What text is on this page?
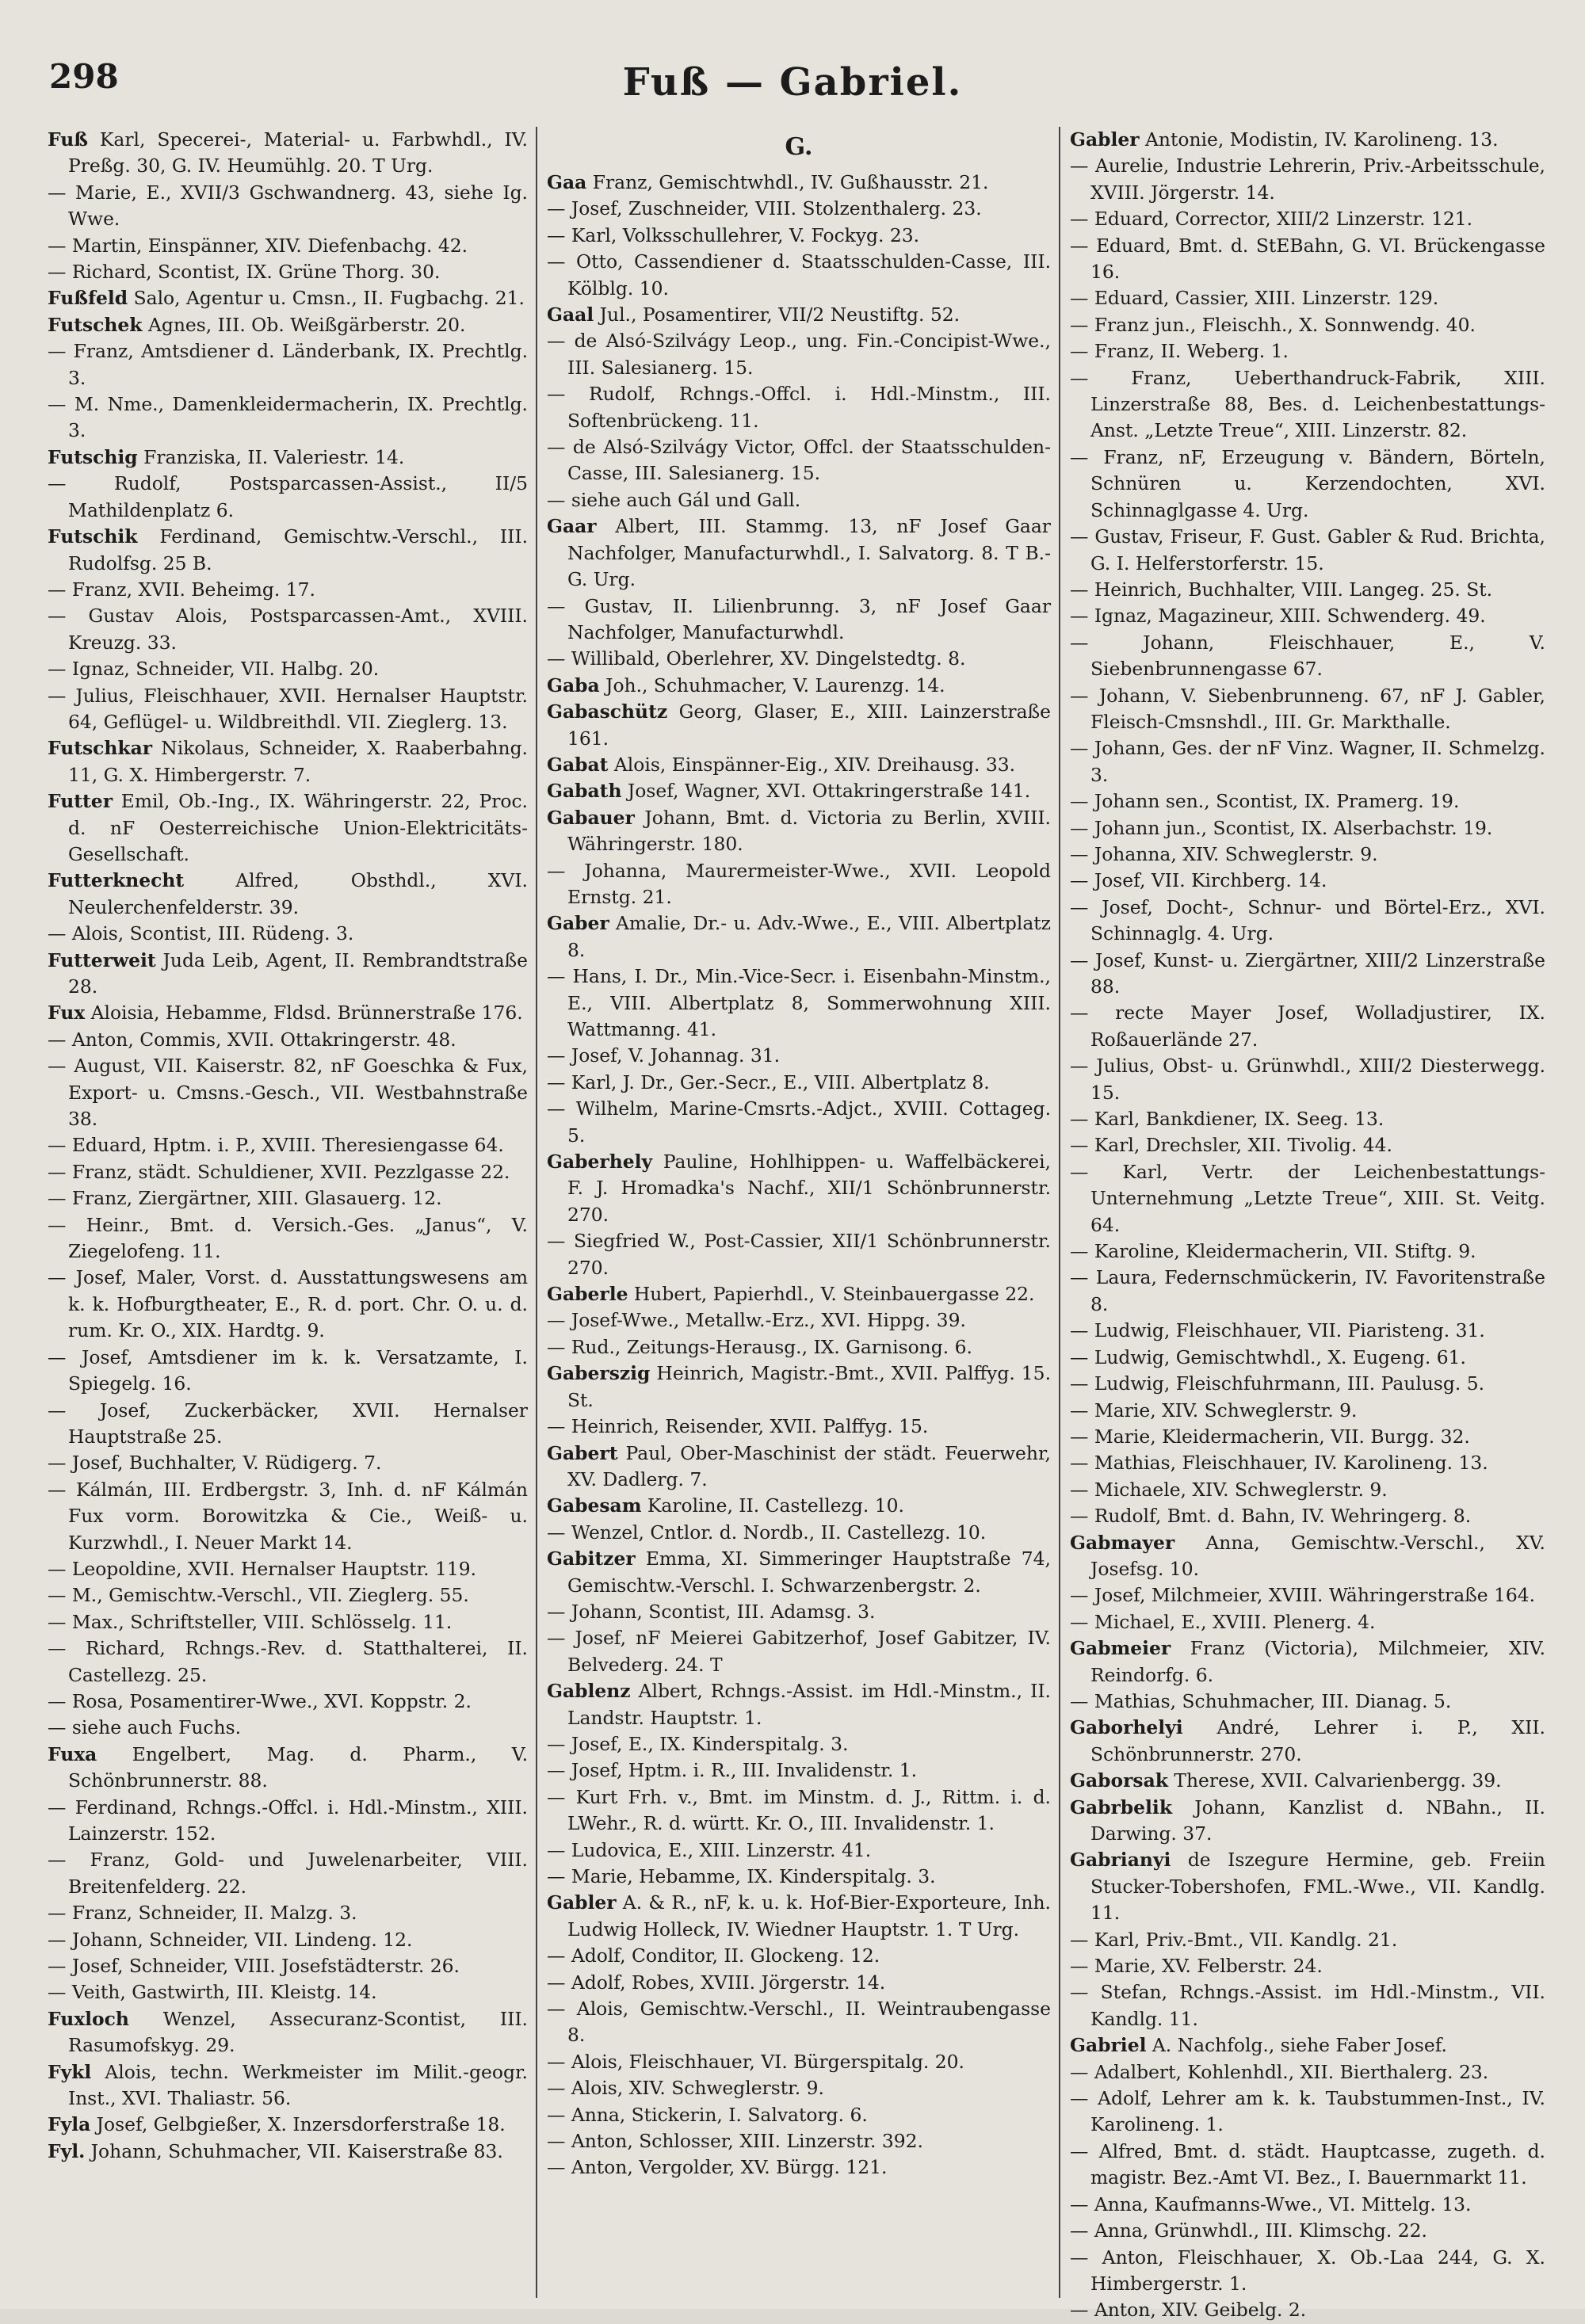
298	Fuß — Gabriel.

Fuß Karl, Specerei-, Material- u. Farbwhdl., IV. Preßg. 30, G. IV. Heumühlg. 20. T Urg.

— Marie, E., XVII/3 Gschwandnerg. 43, siehe Ig. Wwe.

— Martin, Einspänner, XIV. Diefenbachg. 42.

— Richard, Scontist, IX. Grüne Thorg. 30.

Fußfeld Salo, Agentur u. Cmsn., II. Fugbachg. 21.

Futschek Agnes, III. Ob. Weißgärberstr. 20.

— Franz, Amtsdiener d. Länderbank, IX. Prechtlg. 3.

— M. Nme., Damenkleidermacherin, IX. Prechtlg. 3.

Futschig Franziska, II. Valeriestr. 14.

— Rudolf, Postsparcassen-Assist., II/5 Mathildenplatz 6.

Futschik Ferdinand, Gemischtw.-Verschl., III. Rudolfsg. 25 B.

— Franz, XVII. Beheimg. 17.

— Gustav Alois, Postsparcassen-Amt., XVIII. Kreuzg. 33.

— Ignaz, Schneider, VII. Halbg. 20.

— Julius, Fleischhauer, XVII. Hernalser Hauptstr. 64, Geflügel- u. Wildbreithdl. VII. Zieglerg. 13.

Futschkar Nikolaus, Schneider, X. Raaberbahng. 11, G. X. Himbergerstr. 7.

Futter Emil, Ob.-Ing., IX. Währingerstr. 22, Proc. d. nF Oesterreichische Union-Elektricitäts-Gesellschaft.

Futterknecht Alfred, Obsthdl., XVI. Neulerchenfelderstr. 39.

— Alois, Scontist, III. Rüdeng. 3.

Futterweit Juda Leib, Agent, II. Rembrandtstraße 28.

Fux Aloisia, Hebamme, Fldsd. Brünnerstraße 176.

— Anton, Commis, XVII. Ottakringerstr. 48.

— August, VII. Kaiserstr. 82, nF Goeschka & Fux, Export- u. Cmsns.-Gesch., VII. Westbahnstraße 38.

— Eduard, Hptm. i. P., XVIII. Theresiengasse 64.

— Franz, städt. Schuldiener, XVII. Pezzlgasse 22.

— Franz, Ziergärtner, XIII. Glasauerg. 12.

— Heinr., Bmt. d. Versich.-Ges. „Janus“, V. Ziegelofeng. 11.

— Josef, Maler, Vorst. d. Ausstattungswesens am k. k. Hofburgtheater, E., R. d. port. Chr. O. u. d. rum. Kr. O., XIX. Hardtg. 9.

— Josef, Amtsdiener im k. k. Versatzamte, I. Spiegelg. 16.

— Josef, Zuckerbäcker, XVII. Hernalser Hauptstraße 25.

— Josef, Buchhalter, V. Rüdigerg. 7.

— Kálmán, III. Erdbergstr. 3, Inh. d. nF Kálmán Fux vorm. Borowitzka & Cie., Weiß- u. Kurzwhdl., I. Neuer Markt 14.

— Leopoldine, XVII. Hernalser Hauptstr. 119.

— M., Gemischtw.-Verschl., VII. Zieglerg. 55.

— Max., Schriftsteller, VIII. Schlösselg. 11.

— Richard, Rchngs.-Rev. d. Statthalterei, II. Castellezg. 25.

— Rosa, Posamentirer-Wwe., XVI. Koppstr. 2.

— siehe auch Fuchs.

Fuxa Engelbert, Mag. d. Pharm., V. Schönbrunnerstr. 88.

— Ferdinand, Rchngs.-Offcl. i. Hdl.-Minstm., XIII. Lainzerstr. 152.

— Franz, Gold- und Juwelenarbeiter, VIII. Breitenfelderg. 22.

— Franz, Schneider, II. Malzg. 3.

— Johann, Schneider, VII. Lindeng. 12.

— Josef, Schneider, VIII. Josefstädterstr. 26.

— Veith, Gastwirth, III. Kleistg. 14.

Fuxloch Wenzel, Assecuranz-Scontist, III. Rasumofskyg. 29.

Fykl Alois, techn. Werkmeister im Milit.-geogr. Inst., XVI. Thaliastr. 56.

Fyla Josef, Gelbgießer, X. Inzersdorferstraße 18.

Fyl. Johann, Schuhmacher, VII. Kaiserstraße 83.

G.

Gaa Franz, Gemischtwhdl., IV. Gußhausstr. 21.

— Josef, Zuschneider, VIII. Stolzenthalerg. 23.

— Karl, Volksschullehrer, V. Fockyg. 23.

— Otto, Cassendiener d. Staatsschulden-Casse, III. Kölblg. 10.

Gaal Jul., Posamentirer, VII/2 Neustiftg. 52.

— de Alsó-Szilvágy Leop., ung. Fin.-Concipist-Wwe., III. Salesianerg. 15.

— Rudolf, Rchngs.-Offcl. i. Hdl.-Minstm., III. Softenbrückeng. 11.

— de Alsó-Szilvágy Victor, Offcl. der Staatsschulden-Casse, III. Salesianerg. 15.

— siehe auch Gál und Gall.

Gaar Albert, III. Stammg. 13, nF Josef Gaar Nachfolger, Manufacturwhdl., I. Salvatorg. 8. T B.-G. Urg.

— Gustav, II. Lilienbrunng. 3, nF Josef Gaar Nachfolger, Manufacturwhdl.

— Willibald, Oberlehrer, XV. Dingelstedtg. 8.

Gaba Joh., Schuhmacher, V. Laurenzg. 14.

Gabaschütz Georg, Glaser, E., XIII. Lainzerstraße 161.

Gabat Alois, Einspänner-Eig., XIV. Dreihausg. 33.

Gabath Josef, Wagner, XVI. Ottakringerstraße 141.

Gabauer Johann, Bmt. d. Victoria zu Berlin, XVIII. Währingerstr. 180.

— Johanna, Maurermeister-Wwe., XVII. Leopold Ernstg. 21.

Gaber Amalie, Dr.- u. Adv.-Wwe., E., VIII. Albertplatz 8.

— Hans, I. Dr., Min.-Vice-Secr. i. Eisenbahn-Minstm., E., VIII. Albertplatz 8, Sommerwohnung XIII. Wattmanng. 41.

— Josef, V. Johannag. 31.

— Karl, J. Dr., Ger.-Secr., E., VIII. Albertplatz 8.

— Wilhelm, Marine-Cmsrts.-Adjct., XVIII. Cottageg. 5.

Gaberhely Pauline, Hohlhippen- u. Waffelbäckerei, F. J. Hromadka's Nachf., XII/1 Schönbrunnerstr. 270.

— Siegfried W., Post-Cassier, XII/1 Schönbrunnerstr. 270.

Gaberle Hubert, Papierhdl., V. Steinbauergasse 22.

— Josef-Wwe., Metallw.-Erz., XVI. Hippg. 39.

— Rud., Zeitungs-Herausg., IX. Garnisong. 6.

Gaberszig Heinrich, Magistr.-Bmt., XVII. Palffyg. 15. St.

— Heinrich, Reisender, XVII. Palffyg. 15.

Gabert Paul, Ober-Maschinist der städt. Feuerwehr, XV. Dadlerg. 7.

Gabesam Karoline, II. Castellezg. 10.

— Wenzel, Cntlor. d. Nordb., II. Castellezg. 10.

Gabitzer Emma, XI. Simmeringer Hauptstraße 74, Gemischtw.-Verschl. I. Schwarzenbergstr. 2.

— Johann, Scontist, III. Adamsg. 3.

— Josef, nF Meierei Gabitzerhof, Josef Gabitzer, IV. Belvederg. 24. T

Gablenz Albert, Rchngs.-Assist. im Hdl.-Minstm., II. Landstr. Hauptstr. 1.

— Josef, E., IX. Kinderspitalg. 3.

— Josef, Hptm. i. R., III. Invalidenstr. 1.

— Kurt Frh. v., Bmt. im Minstm. d. J., Rittm. i. d. LWehr., R. d. württ. Kr. O., III. Invalidenstr. 1.

— Ludovica, E., XIII. Linzerstr. 41.

— Marie, Hebamme, IX. Kinderspitalg. 3.

Gabler A. & R., nF, k. u. k. Hof-Bier-Exporteure, Inh. Ludwig Holleck, IV. Wiedner Hauptstr. 1. T Urg.

— Adolf, Conditor, II. Glockeng. 12.

— Adolf, Robes, XVIII. Jörgerstr. 14.

— Alois, Gemischtw.-Verschl., II. Weintraubengasse 8.

— Alois, Fleischhauer, VI. Bürgerspitalg. 20.

— Alois, XIV. Schweglerstr. 9.

— Anna, Stickerin, I. Salvatorg. 6.

— Anton, Schlosser, XIII. Linzerstr. 392.

— Anton, Vergolder, XV. Bürgg. 121.

Gabler Antonie, Modistin, IV. Karolineng. 13.

— Aurelie, Industrie Lehrerin, Priv.-Arbeitsschule, XVIII. Jörgerstr. 14.

— Eduard, Corrector, XIII/2 Linzerstr. 121.

— Eduard, Bmt. d. StEBahn, G. VI. Brückengasse 16.

— Eduard, Cassier, XIII. Linzerstr. 129.

— Franz jun., Fleischh., X. Sonnwendg. 40.

— Franz, II. Weberg. 1.

— Franz, Ueberthandruck-Fabrik, XIII. Linzerstraße 88, Bes. d. Leichenbestattungs-Anst. „Letzte Treue“, XIII. Linzerstr. 82.

— Franz, nF, Erzeugung v. Bändern, Börteln, Schnüren u. Kerzendochten, XVI. Schinnaglgasse 4. Urg.

— Gustav, Friseur, F. Gust. Gabler & Rud. Brichta, G. I. Helferstorferstr. 15.

— Heinrich, Buchhalter, VIII. Langeg. 25. St.

— Ignaz, Magazineur, XIII. Schwenderg. 49.

— Johann, Fleischhauer, E., V. Siebenbrunnengasse 67.

— Johann, V. Siebenbrunneng. 67, nF J. Gabler, Fleisch-Cmsnshdl., III. Gr. Markthalle.

— Johann, Ges. der nF Vinz. Wagner, II. Schmelzg. 3.

— Johann sen., Scontist, IX. Pramerg. 19.

— Johann jun., Scontist, IX. Alserbachstr. 19.

— Johanna, XIV. Schweglerstr. 9.

— Josef, VII. Kirchberg. 14.

— Josef, Docht-, Schnur- und Börtel-Erz., XVI. Schinnaglg. 4. Urg.

— Josef, Kunst- u. Ziergärtner, XIII/2 Linzerstraße 88.

— recte Mayer Josef, Wolladjustirer, IX. Roßauerlände 27.

— Julius, Obst- u. Grünwhdl., XIII/2 Diesterwegg. 15.

— Karl, Bankdiener, IX. Seeg. 13.

— Karl, Drechsler, XII. Tivolig. 44.

— Karl, Vertr. der Leichenbestattungs-Unternehmung „Letzte Treue“, XIII. St. Veitg. 64.

— Karoline, Kleidermacherin, VII. Stiftg. 9.

— Laura, Federnschmückerin, IV. Favoritenstraße 8.

— Ludwig, Fleischhauer, VII. Piaristeng. 31.

— Ludwig, Gemischtwhdl., X. Eugeng. 61.

— Ludwig, Fleischfuhrmann, III. Paulusg. 5.

— Marie, XIV. Schweglerstr. 9.

— Marie, Kleidermacherin, VII. Burgg. 32.

— Mathias, Fleischhauer, IV. Karolineng. 13.

— Michaele, XIV. Schweglerstr. 9.

— Rudolf, Bmt. d. Bahn, IV. Wehringerg. 8.

Gabmayer Anna, Gemischtw.-Verschl., XV. Josefsg. 10.

— Josef, Milchmeier, XVIII. Währingerstraße 164.

— Michael, E., XVIII. Plenerg. 4.

Gabmeier Franz (Victoria), Milchmeier, XIV. Reindorfg. 6.

— Mathias, Schuhmacher, III. Dianag. 5.

Gaborhelyi André, Lehrer i. P., XII. Schönbrunnerstr. 270.

Gaborsak Therese, XVII. Calvarienbergg. 39.

Gabrbelik Johann, Kanzlist d. NBahn., II. Darwing. 37.

Gabrianyi de Iszegure Hermine, geb. Freiin Stucker-Tobershofen, FML.-Wwe., VII. Kandlg. 11.

— Karl, Priv.-Bmt., VII. Kandlg. 21.

— Marie, XV. Felberstr. 24.

— Stefan, Rchngs.-Assist. im Hdl.-Minstm., VII. Kandlg. 11.

Gabriel A. Nachfolg., siehe Faber Josef.

— Adalbert, Kohlenhdl., XII. Bierthalerg. 23.

— Adolf, Lehrer am k. k. Taubstummen-Inst., IV. Karolineng. 1.

— Alfred, Bmt. d. städt. Hauptcasse, zugeth. d. magistr. Bez.-Amt VI. Bez., I. Bauernmarkt 11.

— Anna, Kaufmanns-Wwe., VI. Mittelg. 13.

— Anna, Grünwhdl., III. Klimschg. 22.

— Anton, Fleischhauer, X. Ob.-Laa 244, G. X. Himbergerstr. 1.

— Anton, XIV. Geibelg. 2.
